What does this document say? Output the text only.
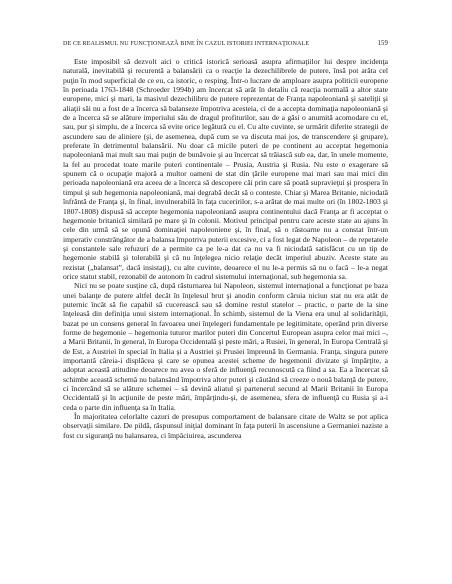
DE CE REALISMUL NU FUNCŢIONEAZĂ BINE ÎN CAZUL ISTORIEI INTERNAŢIONALE	159

Este imposibil să dezvolt aici o critică istorică serioasă asupra afirmaţiilor lui despre incidenţa naturală, inevitabilă şi recurentă a balansării ca o reacţie la dezechilibrele de putere, însă pot arăta cel puţin în mod superficial de ce eu, ca istoric, o resping. Într-o lucrare de amploare asupra politicii europene în perioada 1763-1848 (Schroeder 1994b) am încercat să arăt în detaliu că reacţia normală a altor state europene, mici şi mari, la masivul dezechilibru de putere reprezentat de Franţa napoleoniană şi sateliţii şi aliaţii săi nu a fost de a încerca să balanseze împotriva acesteia, ci de a accepta dominaţia napoleoniană şi de a încerca să se alăture imperiului său de dragul profiturilor, sau de a găsi o anumită acomodare cu el, sau, pur şi simplu, de a încerca să evite orice legătură cu el. Cu alte cuvinte, se urmărit diferite strategii de ascundere sau de aliniere (şi, de asemenea, după cum se va discuta mai jos, de transcendere şi grupare), preferate în detrimentul balansării. Nu doar că micile puteri de pe continent au acceptat hegemonia napoleoniană mai mult sau mai puţin de bunăvoie şi au încercat să trăiască sub ea, dar, în unele momente, la fel au procedat toate marile puteri continentale – Prusia, Austria şi Rusia. Nu este o exagerare să spunem că o ocupaţie majoră a multor oameni de stat din ţările europene mai mari sau mai mici din perioada napoleoniană era aceea de a încerca să descopere căi prin care să poată supravieţui şi prospera în timpul şi sub hegemonia napoleoniană, mai degrabă decât să o conteste. Chiar şi Marea Britanie, niciodată înfrântă de Franţa şi, în final, invulnerabilă în faţa cuceririlor, s-a arătat de mai multe ori (în 1802-1803 şi 1807-1808) dispusă să accepte hegemonia napoleoniană asupra continentului dacă Franţa ar fi acceptat o hegemonie britanică similară pe mare şi în colonii. Motivul principal pentru care aceste state au ajuns în cele din urmă să se opună dominaţiei napoleoniene şi, în final, să o răstoarne nu a constat într-un imperativ constrângător de a balansa împotriva puterii excesive, ci a fost legat de Napoleon – de repetatele şi constantele sale refuzuri de a permite ca pe le-a dat ca nu va fi niciodată satisfăcut cu un tip de hegemonie stabilă şi tolerabilă şi că nu înţelegea nicio relaţie decât imperiul abuziv. Aceste state au rezistat („balansat”, dacă insistaţi), cu alte cuvinte, deoarece el nu le-a permis să nu o facă – le-a negat orice statut stabil, rezonabil de autonom în cadrul sistemului internaţional, sub hegemonia sa.

Nici nu se poate susţine că, după răsturnarea lui Napoleon, sistemul internaţional a funcţionat pe baza unei balanţe de putere altfel decât în înţelesul brut şi anodin conform căruia niciun stat nu era atât de puternic încât să fie capabil să cucerească sau să domine restul statelor – practic, o parte de la sine înţeleasă din definiţia unui sistem internaţional. În schimb, sistemul de la Viena era unul al solidarităţii, bazat pe un consens general în favoarea unei înţelegeri fundamentale pe legitimitate, operând prin diverse forme de hegemonie – hegemonia tuturor marilor puteri din Concertul European asupra celor mai mici –, a Marii Britanii, în general, în Europa Occidentală şi peste mări, a Rusiei, în general, în Europa Centrală şi de Est, a Austriei în special în Italia şi a Austriei şi Prusiei împreună în Germania. Franţa, singura putere importantă căreia-i displăcea şi care se opunea acestei scheme de hegemonii divizate şi împărţite, a adoptat această atitudine deoarece nu avea o sferă de influenţă recunoscută ca fiind a sa. Ea a încercat să schimbe această schemă nu balansând împotriva altor puteri şi căutând să creeze o nouă balanţă de putere, ci încercând să se alăture schemei – să devină aliatul şi partenerul secund al Marii Britanii în Europa Occidentală şi în acţiunile de peste mări, împărţindu-şi, de asemenea, sfera de influenţă cu Rusia şi a-i ceda o parte din influenţa sa în Italia.

În majoritatea celorlalte cazuri de presupus comportament de balansare citate de Waltz se pot aplica observaţii similare. De pildă, răspunsul iniţial dominant în faţa puterii în ascensiune a Germaniei naziste a fost cu siguranţă nu balansarea, ci împăciuirea, ascunderea
